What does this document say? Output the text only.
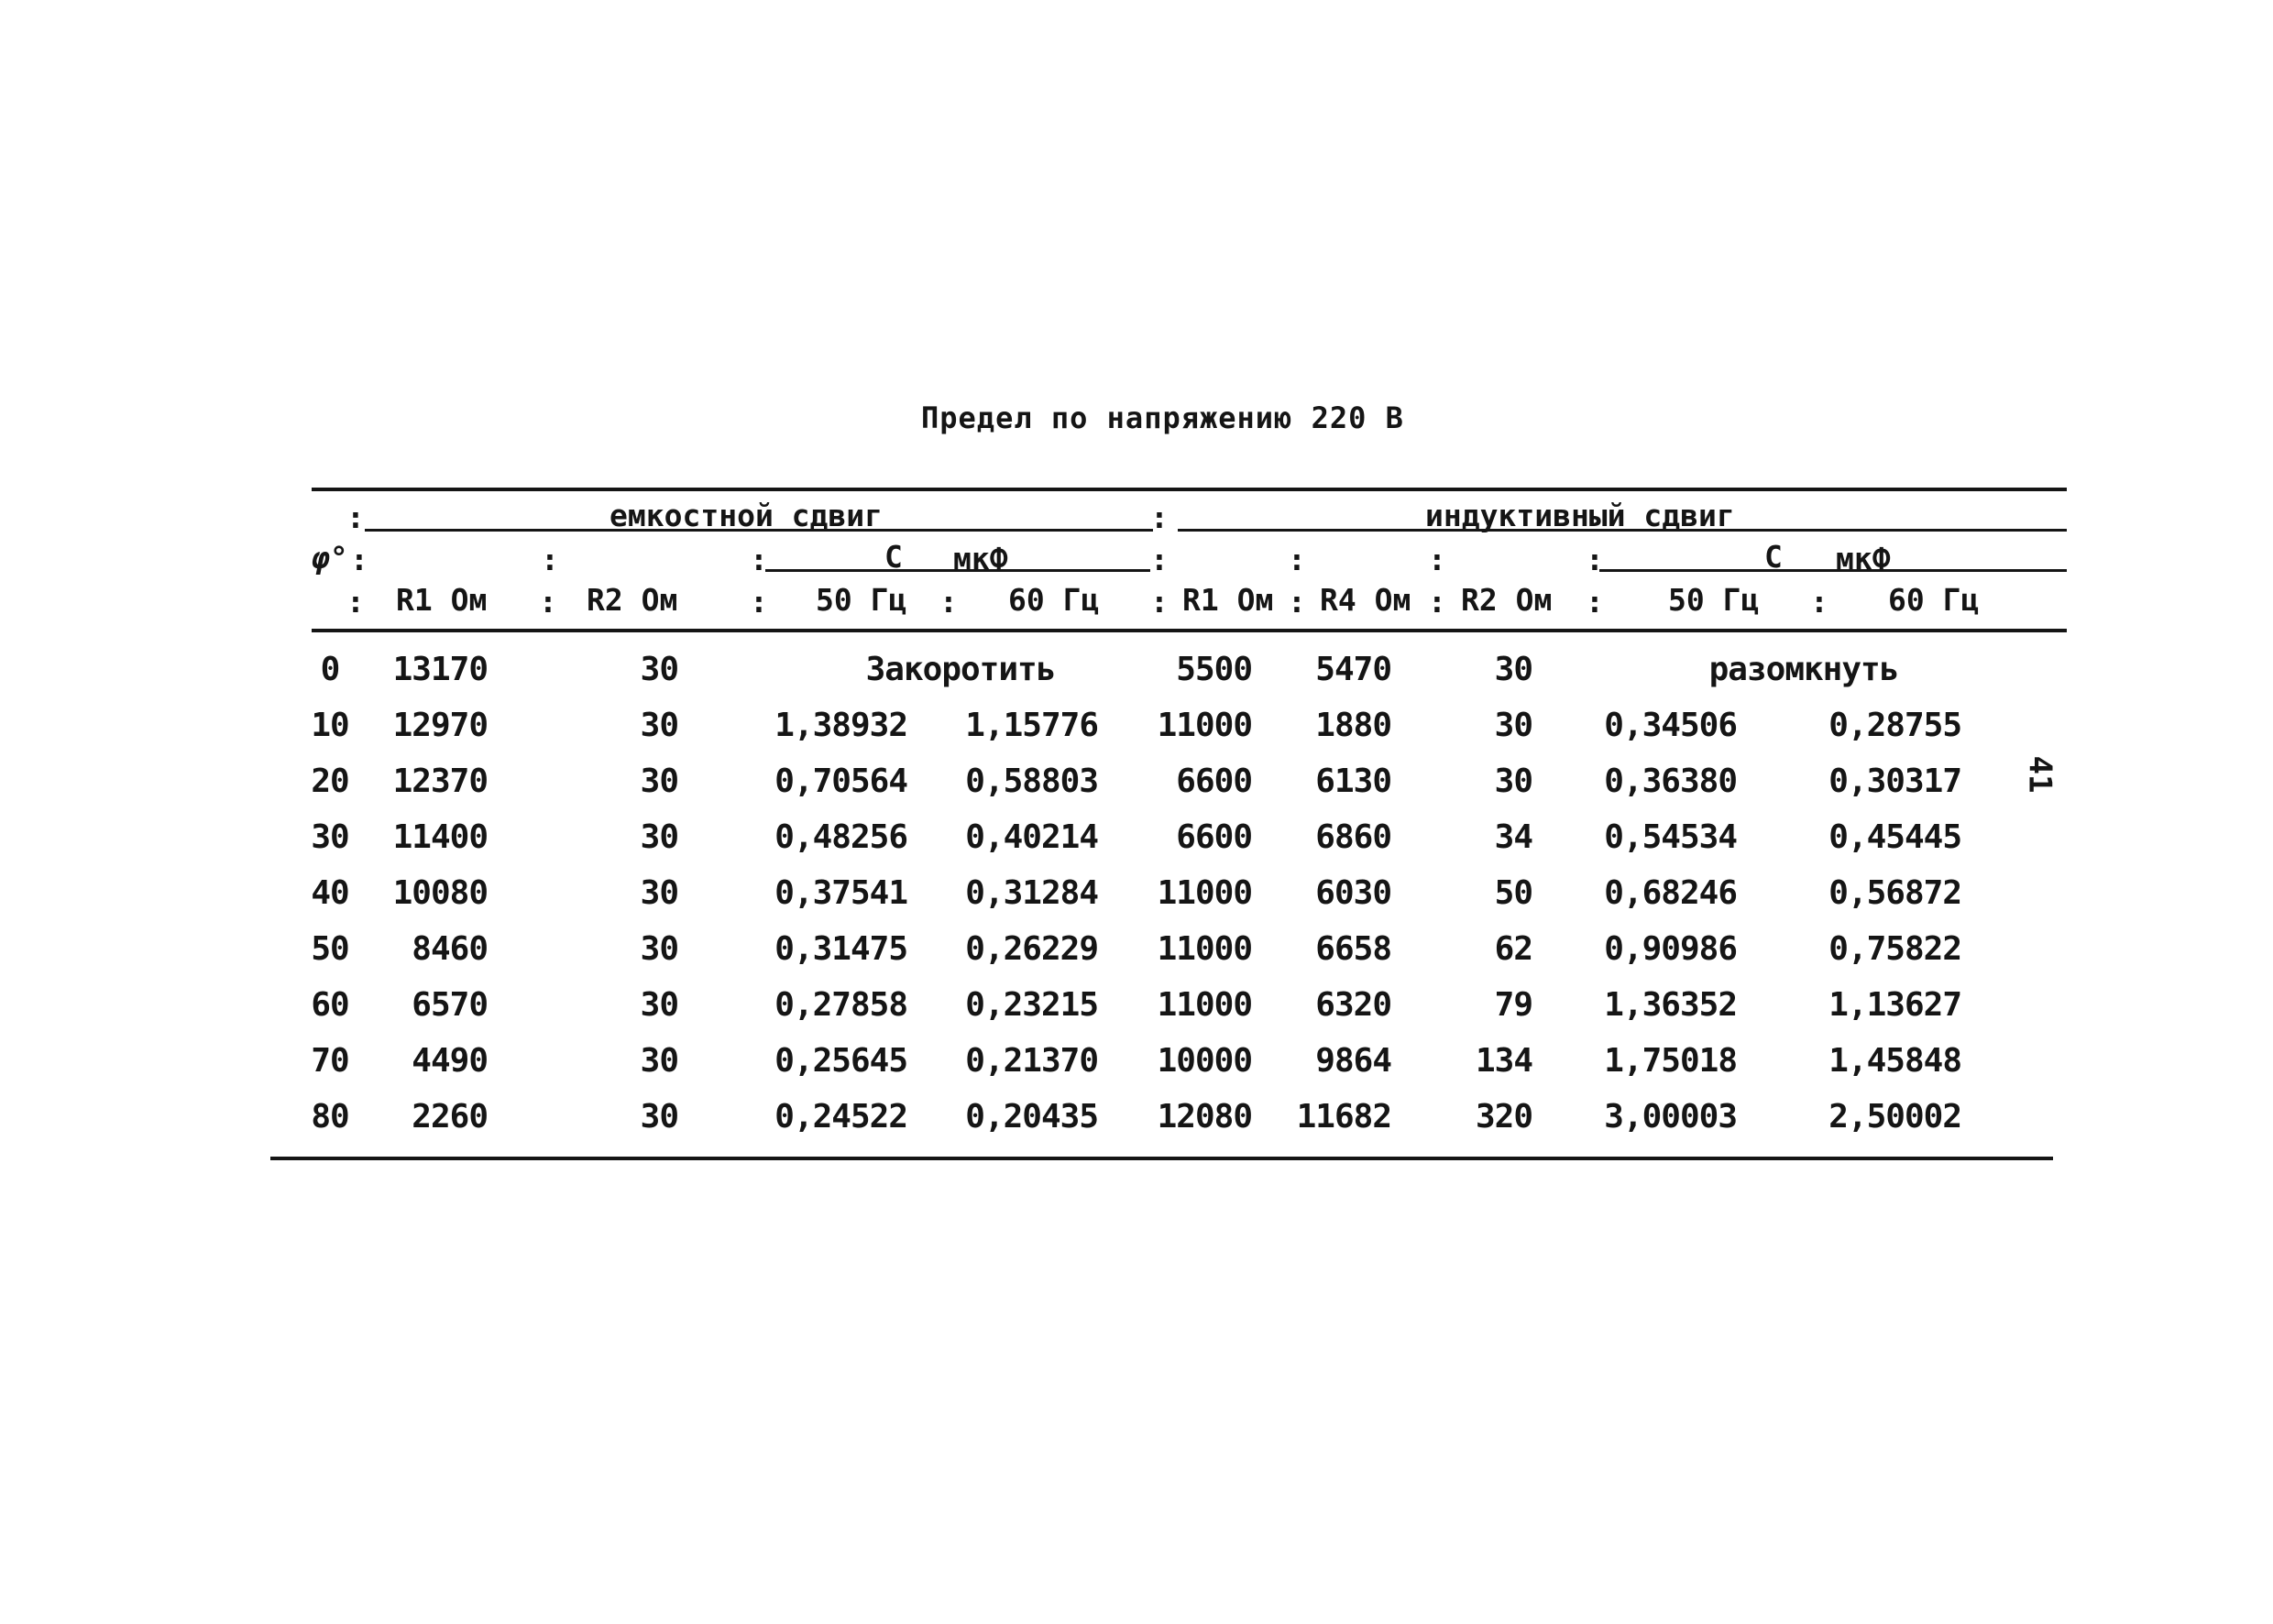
Предел по напряжению 220 В
41
:	емкостной сдвиг	:	индуктивный сдвиг
φ° :	:	:	С мкФ	:	:	:	:	С мкФ
: R1 Ом : R2 Ом : 50 Гц : 60 Гц : R1 Ом : R4 Ом : R2 Ом : 50 Гц : 60 Гц
0 13170	30	Закоротить	5500 5470	30	разомкнуть
10 12970	30	1,38932 1,15776 11000 1880	30 0,34506	0,28755
20 12370	30	0,70564 0,58803 6600 6130	30 0,36380	0,30317
30 11400	30	0,48256 0,40214 6600 6860	34 0,54534	0,45445
40 10080	30	0,37541 0,31284 11000 6030	50 0,68246	0,56872
50 8460	30	0,31475 0,26229 11000 6658	62 0,90986	0,75822
60 6570	30	0,27858 0,23215 11000 6320	79 1,36352	1,13627
70 4490	30	0,25645 0,21370 10000 9864	134 1,75018	1,45848
80 2260	30	0,24522 0,20435 12080 11682	320 3,00003	2,50002
